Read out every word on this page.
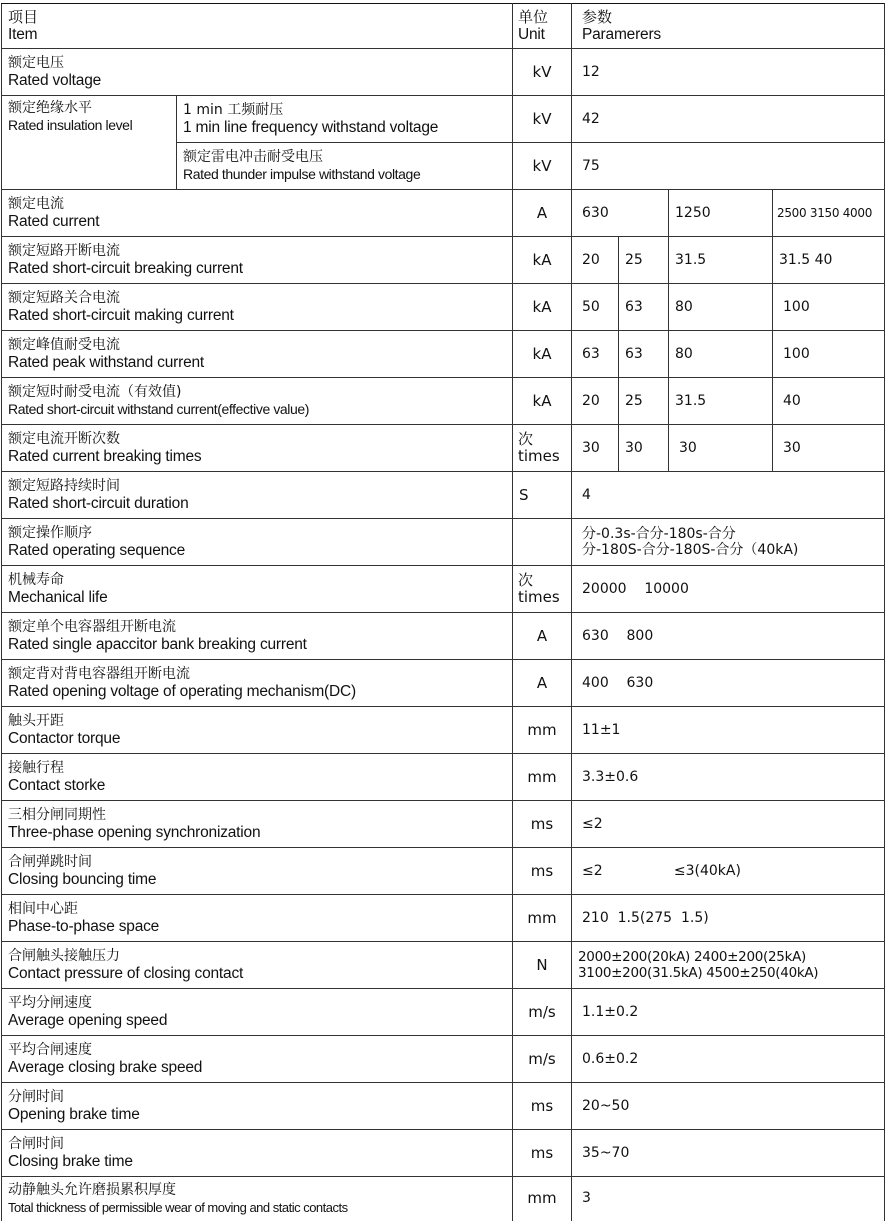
项目
Item		单位
Unit	参数
Paramerers			

额定电压
Rated voltage		kV	12			

额定绝缘水平
Rated insulation level	1 min 工频耐压
1 min line frequency withstand voltage	kV	42			

	额定雷电冲击耐受电压
Rated thunder impulse withstand voltage	kV	75			

额定电流
Rated current		A	630		1250	2500 3150 4000

额定短路开断电流
Rated short-circuit breaking current		kA	20	25	31.5	31.5 40

额定短路关合电流
Rated short-circuit making current		kA	50	63	80	100

额定峰值耐受电流
Rated peak withstand current		kA	63	63	80	100

额定短时耐受电流（有效值)
Rated short-circuit withstand current(effective value)		kA	20	25	31.5	40

额定电流开断次数
Rated current breaking times		次
times	30	30	30	30

额定短路持续时间
Rated short-circuit duration		S	4			

额定操作顺序
Rated operating sequence			分-0.3s-合分-180s-合分
分-180S-合分-180S-合分（40kA)			

机械寿命
Mechanical life		次
times	20000    10000			

额定单个电容器组开断电流
Rated single apaccitor bank breaking current		A	630    800			

额定背对背电容器组开断电流
Rated opening voltage of operating mechanism(DC)		A	400    630			

触头开距
Contactor torque		mm	11±1			

接触行程
Contact storke		mm	3.3±0.6			

三相分闸同期性
Three-phase opening synchronization		ms	≤2			

合闸弹跳时间
Closing bouncing time		ms	≤2                ≤3(40kA)			

相间中心距
Phase-to-phase space		mm	210  1.5(275  1.5)			

合闸触头接触压力
Contact pressure of closing contact		N	2000±200(20kA) 2400±200(25kA)
3100±200(31.5kA) 4500±250(40kA)			

平均分闸速度
Average opening speed		m/s	1.1±0.2			

平均合闸速度
Average closing brake speed		m/s	0.6±0.2			

分闸时间
Opening brake time		ms	20~50			

合闸时间
Closing brake time		ms	35~70			

动静触头允许磨损累积厚度
Total thickness of permissible wear of moving and static contacts		mm	3			
